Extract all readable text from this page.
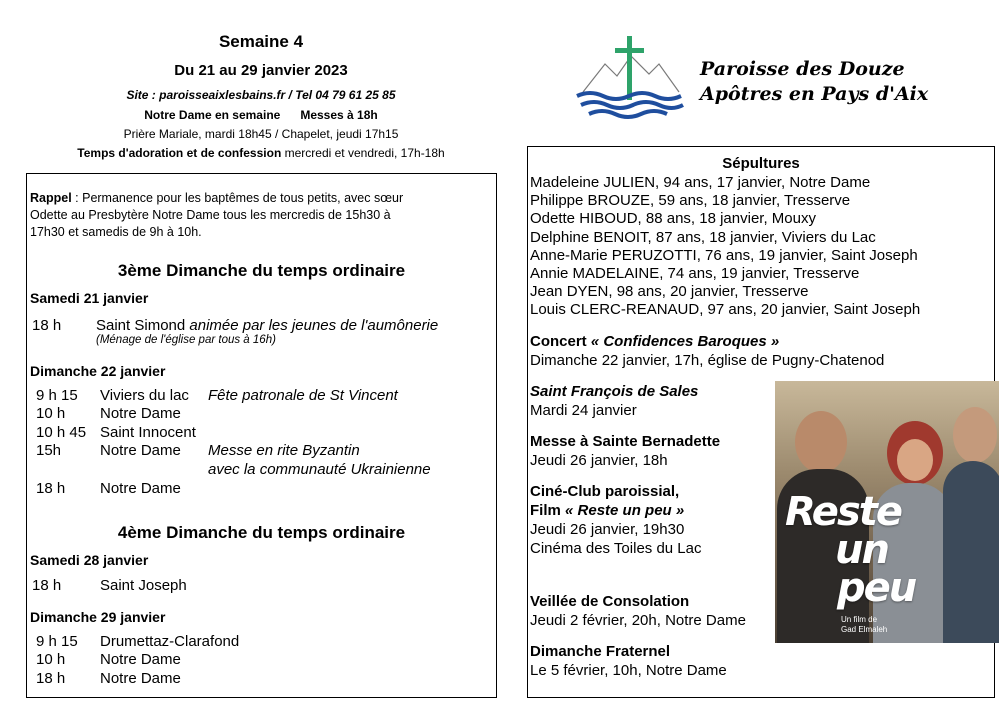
Semaine 4
Du 21 au 29 janvier 2023
Site : paroisseaixlesbains.fr / Tel 04 79 61 25 85
Notre Dame en semaine      Messes à 18h
Prière Mariale, mardi 18h45 / Chapelet, jeudi 17h15
Temps d'adoration et de confession mercredi et vendredi, 17h-18h
Paroisse des Douze
Apôtres en Pays d'Aix
Rappel : Permanence pour les baptêmes de tous petits, avec sœur
Odette au Presbytère Notre Dame tous les mercredis de 15h30 à
17h30 et samedis de 9h à 10h.
3ème Dimanche du temps ordinaire
Samedi 21 janvier
18 h Saint Simond animée par les jeunes de l'aumônerie
(Ménage de l'église par tous à 16h)
Dimanche 22 janvier
9 h 15 Viviers du lac Fête patronale de St Vincent
10 h Notre Dame
10 h 45 Saint Innocent
15h	Notre Dame Messe en rite Byzantin
avec la communauté Ukrainienne
18 h Notre Dame
4ème Dimanche du temps ordinaire
Samedi 28 janvier
18 h	Saint Joseph
Dimanche 29 janvier
9 h 15 Drumettaz-Clarafond
10 h Notre Dame
18 h Notre Dame
Sépultures
Madeleine JULIEN, 94 ans, 17 janvier, Notre Dame
Philippe BROUZE, 59 ans, 18 janvier, Tresserve
Odette HIBOUD, 88 ans, 18 janvier, Mouxy
Delphine BENOIT, 87 ans, 18 janvier, Viviers du Lac
Anne-Marie PERUZOTTI, 76 ans, 19 janvier, Saint Joseph
Annie MADELAINE, 74 ans, 19 janvier, Tresserve
Jean DYEN, 98 ans, 20 janvier, Tresserve
Louis CLERC-REANAUD, 97 ans, 20 janvier, Saint Joseph
Concert « Confidences Baroques »
Dimanche 22 janvier, 17h, église de Pugny-Chatenod
Saint François de Sales
Mardi 24 janvier
Messe à Sainte Bernadette
Jeudi 26 janvier, 18h
Ciné-Club paroissial,
Film « Reste un peu »
Jeudi 26 janvier, 19h30
Cinéma des Toiles du Lac
Veillée de Consolation
Jeudi 2 février, 20h, Notre Dame
Dimanche Fraternel
Le 5 février, 10h, Notre Dame
Reste
un
peu
Un film de
Gad Elmaleh
